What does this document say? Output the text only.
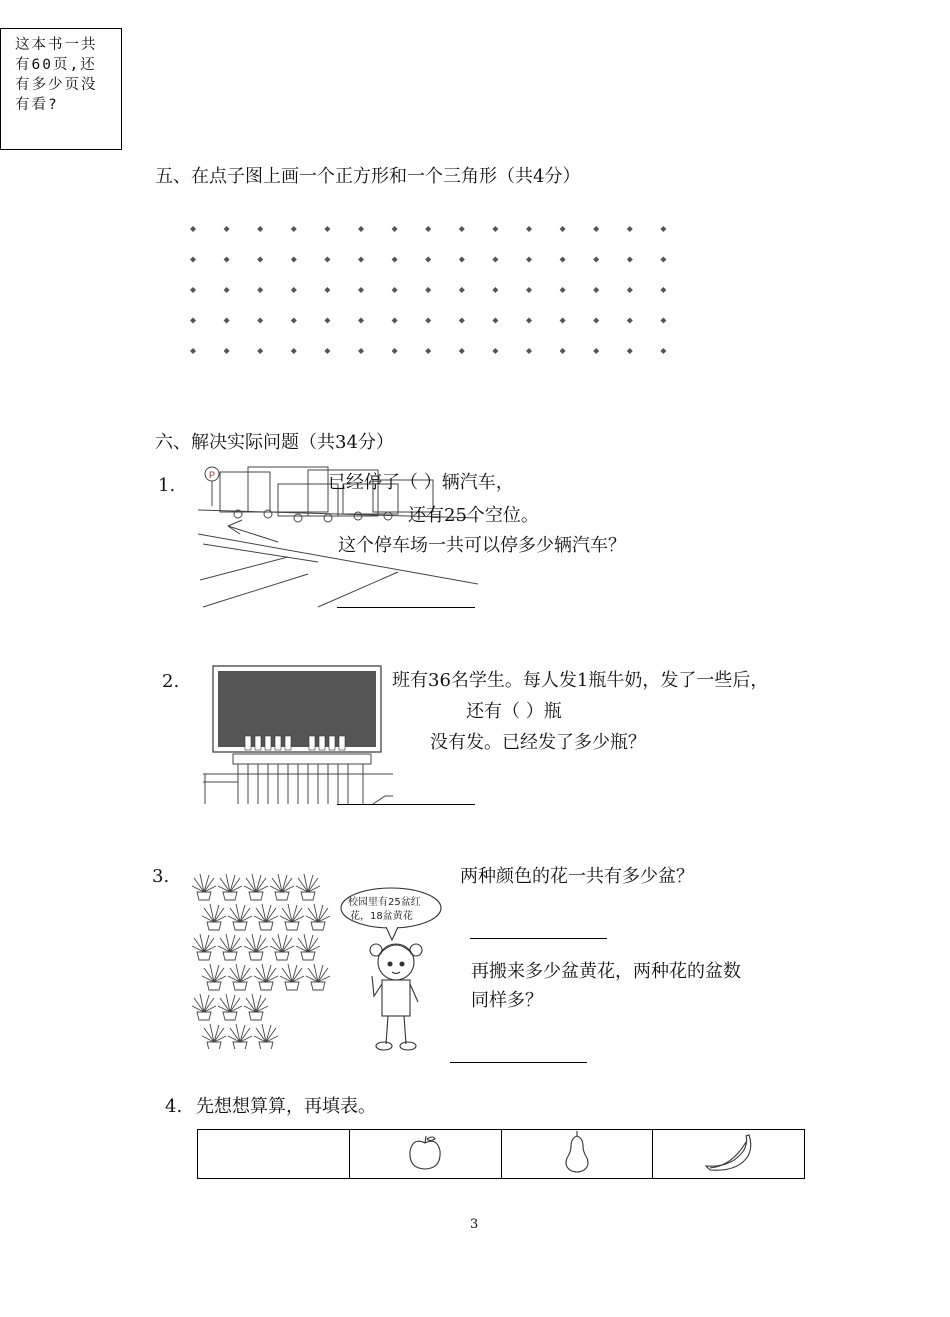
这本书一共
有60页,还
有多少页没
有看?
五、在点子图上画一个正方形和一个三角形（共4分）
六、解决实际问题（共34分）
1.	P	已经停了（ ）辆汽车，
还有25个空位。
这个停车场一共可以停多少辆汽车？
2.	班有36名学生。每人发1瓶牛奶，发了一些后，
还有（ ）瓶
没有发。已经发了多少瓶？
3.
校园里有25盆红
花，18盆黄花
两种颜色的花一共有多少盆？
再搬来多少盆黄花，两种花的盆数
同样多？
4. 先想想算算，再填表。

3
